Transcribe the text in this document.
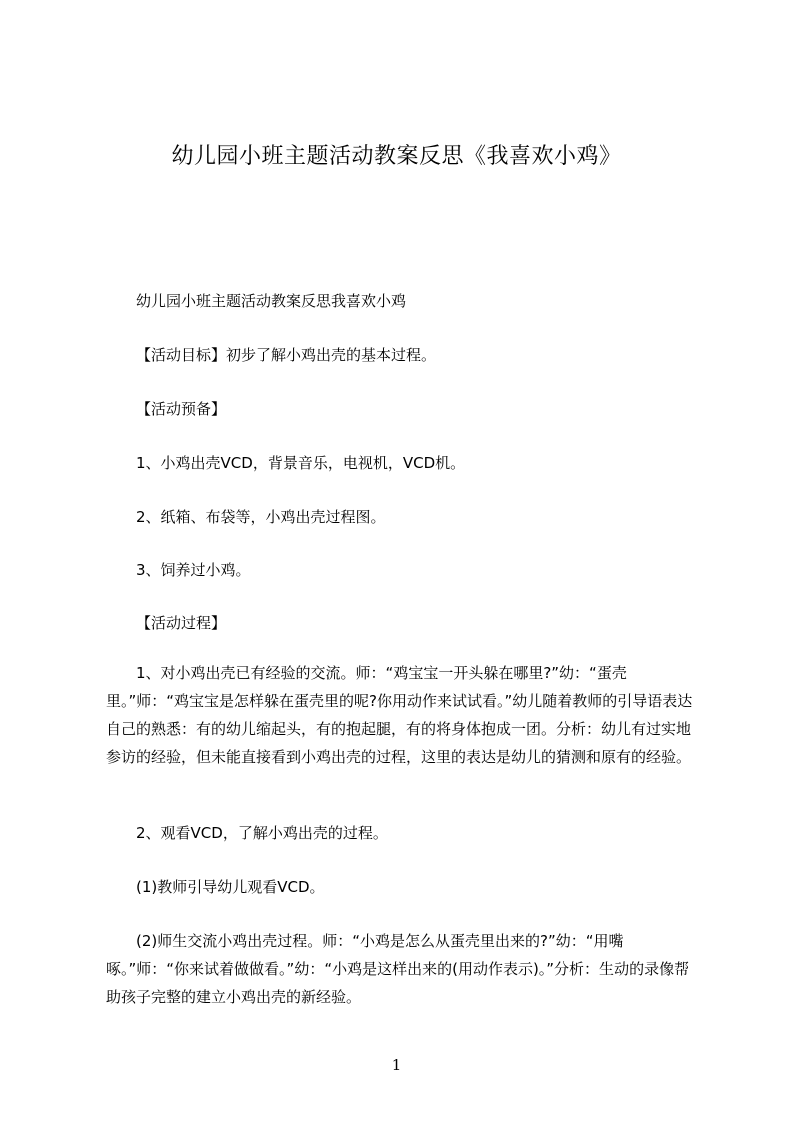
幼儿园小班主题活动教案反思《我喜欢小鸡》

幼儿园小班主题活动教案反思我喜欢小鸡

【活动目标】初步了解小鸡出壳的基本过程。

【活动预备】

1、小鸡出壳VCD，背景音乐，电视机，VCD机。

2、纸箱、布袋等，小鸡出壳过程图。

3、饲养过小鸡。

【活动过程】

1、对小鸡出壳已有经验的交流。师：“鸡宝宝一开头躲在哪里?”幼：“蛋壳里。”师：“鸡宝宝是怎样躲在蛋壳里的呢?你用动作来试试看。”幼儿随着教师的引导语表达自己的熟悉：有的幼儿缩起头，有的抱起腿，有的将身体抱成一团。分析：幼儿有过实地参访的经验，但未能直接看到小鸡出壳的过程，这里的表达是幼儿的猜测和原有的经验。

2、观看VCD，了解小鸡出壳的过程。

(1)教师引导幼儿观看VCD。

(2)师生交流小鸡出壳过程。师：“小鸡是怎么从蛋壳里出来的?”幼：“用嘴啄。”师：“你来试着做做看。”幼：“小鸡是这样出来的(用动作表示)。”分析：生动的录像帮助孩子完整的建立小鸡出壳的新经验。

1
